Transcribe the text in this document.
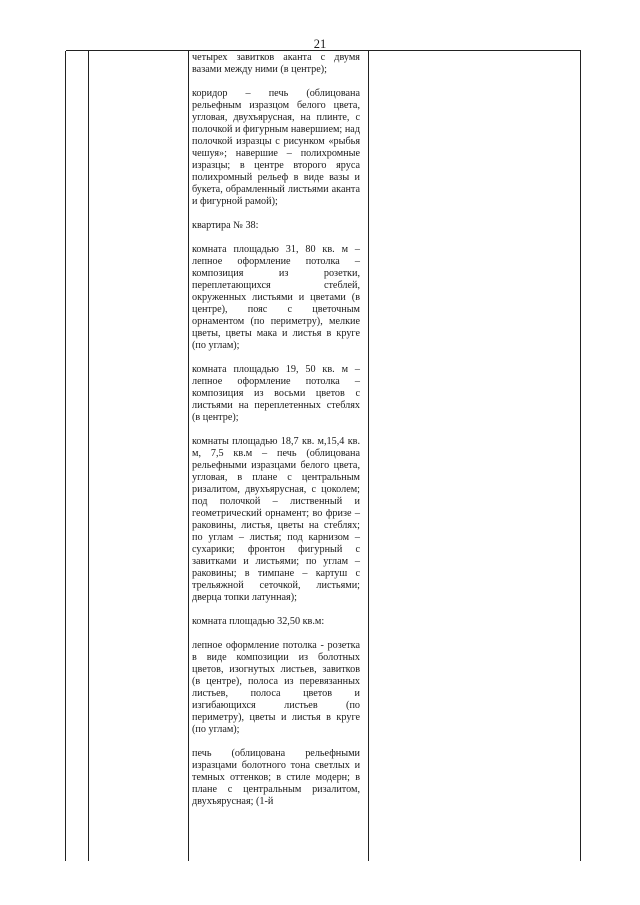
21
четырех завитков аканта с двумя вазами между ними (в центре);
коридор – печь (облицована рельефным изразцом белого цвета, угловая, двухъярусная, на плинте, с полочкой и фигурным навершием; над полочкой изразцы с рисунком «рыбья чешуя»; навершие – полихромные изразцы; в центре второго яруса полихромный рельеф в виде вазы и букета, обрамленный листьями аканта и фигурной рамой);
квартира № 38:
комната площадью 31, 80 кв. м – лепное оформление потолка – композиция из розетки, переплетающихся стеблей, окруженных листьями и цветами (в центре), пояс с цветочным орнаментом (по периметру), мелкие цветы, цветы мака и листья в круге (по углам);
комната площадью 19, 50 кв. м – лепное оформление потолка – композиция из восьми цветов с листьями на переплетенных стеблях (в центре);
комнаты площадью 18,7 кв. м,15,4 кв. м, 7,5 кв.м – печь (облицована рельефными изразцами белого цвета, угловая, в плане с центральным ризалитом, двухъярусная, с цоколем; под полочкой – лиственный и геометрический орнамент; во фризе – раковины, листья, цветы на стеблях; по углам – листья; под карнизом – сухарики; фронтон фигурный с завитками и листьями; по углам – раковины; в тимпане – картуш с трельяжной сеточкой, листьями; дверца топки латунная);
комната площадью 32,50 кв.м:
лепное оформление потолка - розетка в виде композиции из болотных цветов, изогнутых листьев, завитков (в центре), полоса из перевязанных листьев, полоса цветов и изгибающихся	листьев (по периметру), цветы и листья в круге (по углам);
печь (облицована рельефными изразцами болотного тона светлых и темных оттенков; в стиле модерн; в плане с центральным ризалитом, двухъярусная; (1-й
